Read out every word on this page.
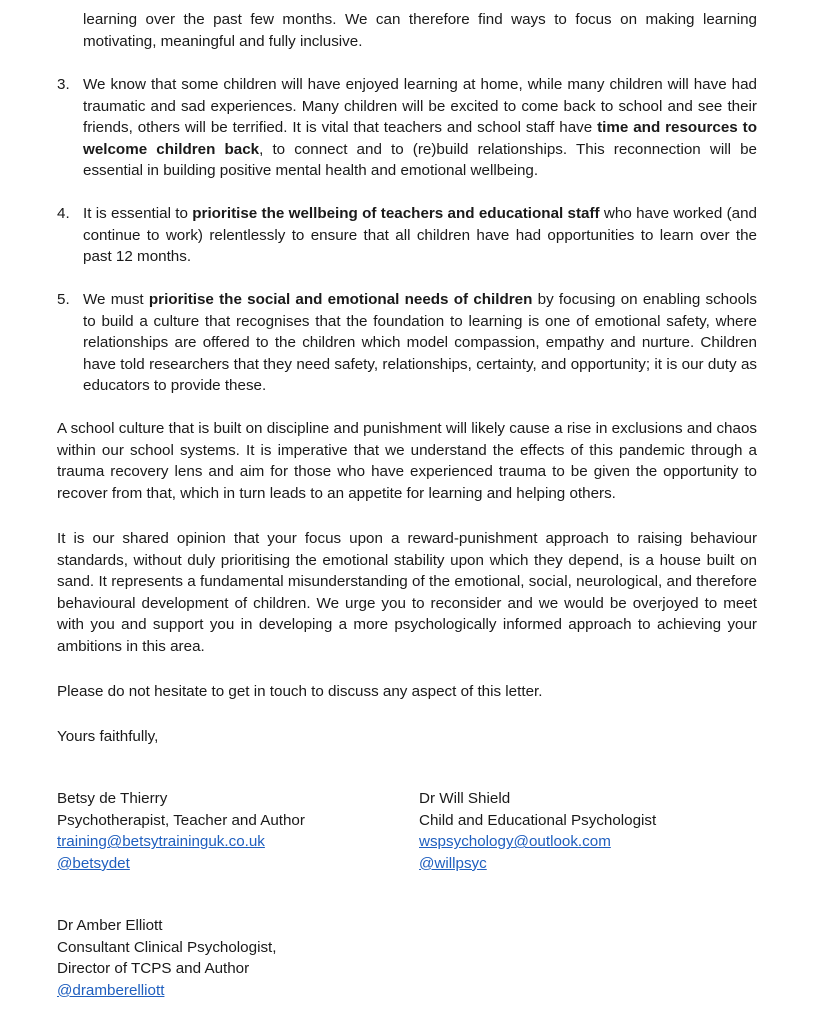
learning over the past few months. We can therefore find ways to focus on making learning motivating, meaningful and fully inclusive.

3. We know that some children will have enjoyed learning at home, while many children will have had traumatic and sad experiences. Many children will be excited to come back to school and see their friends, others will be terrified. It is vital that teachers and school staff have time and resources to welcome children back, to connect and to (re)build relationships. This reconnection will be essential in building positive mental health and emotional wellbeing.
4. It is essential to prioritise the wellbeing of teachers and educational staff who have worked (and continue to work) relentlessly to ensure that all children have had opportunities to learn over the past 12 months.
5. We must prioritise the social and emotional needs of children by focusing on enabling schools to build a culture that recognises that the foundation to learning is one of emotional safety, where relationships are offered to the children which model compassion, empathy and nurture. Children have told researchers that they need safety, relationships, certainty, and opportunity; it is our duty as educators to provide these.

A school culture that is built on discipline and punishment will likely cause a rise in exclusions and chaos within our school systems. It is imperative that we understand the effects of this pandemic through a trauma recovery lens and aim for those who have experienced trauma to be given the opportunity to recover from that, which in turn leads to an appetite for learning and helping others.

It is our shared opinion that your focus upon a reward-punishment approach to raising behaviour standards, without duly prioritising the emotional stability upon which they depend, is a house built on sand. It represents a fundamental misunderstanding of the emotional, social, neurological, and therefore behavioural development of children. We urge you to reconsider and we would be overjoyed to meet with you and support you in developing a more psychologically informed approach to achieving your ambitions in this area.

Please do not hesitate to get in touch to discuss any aspect of this letter.

Yours faithfully,

Betsy de Thierry
Psychotherapist, Teacher and Author
training@betsytraininguk.co.uk
@betsydet
Dr Will Shield
Child and Educational Psychologist
wspsychology@outlook.com
@willpsyc
Dr Amber Elliott
Consultant Clinical Psychologist,
Director of TCPS and Author
@dramberelliott
